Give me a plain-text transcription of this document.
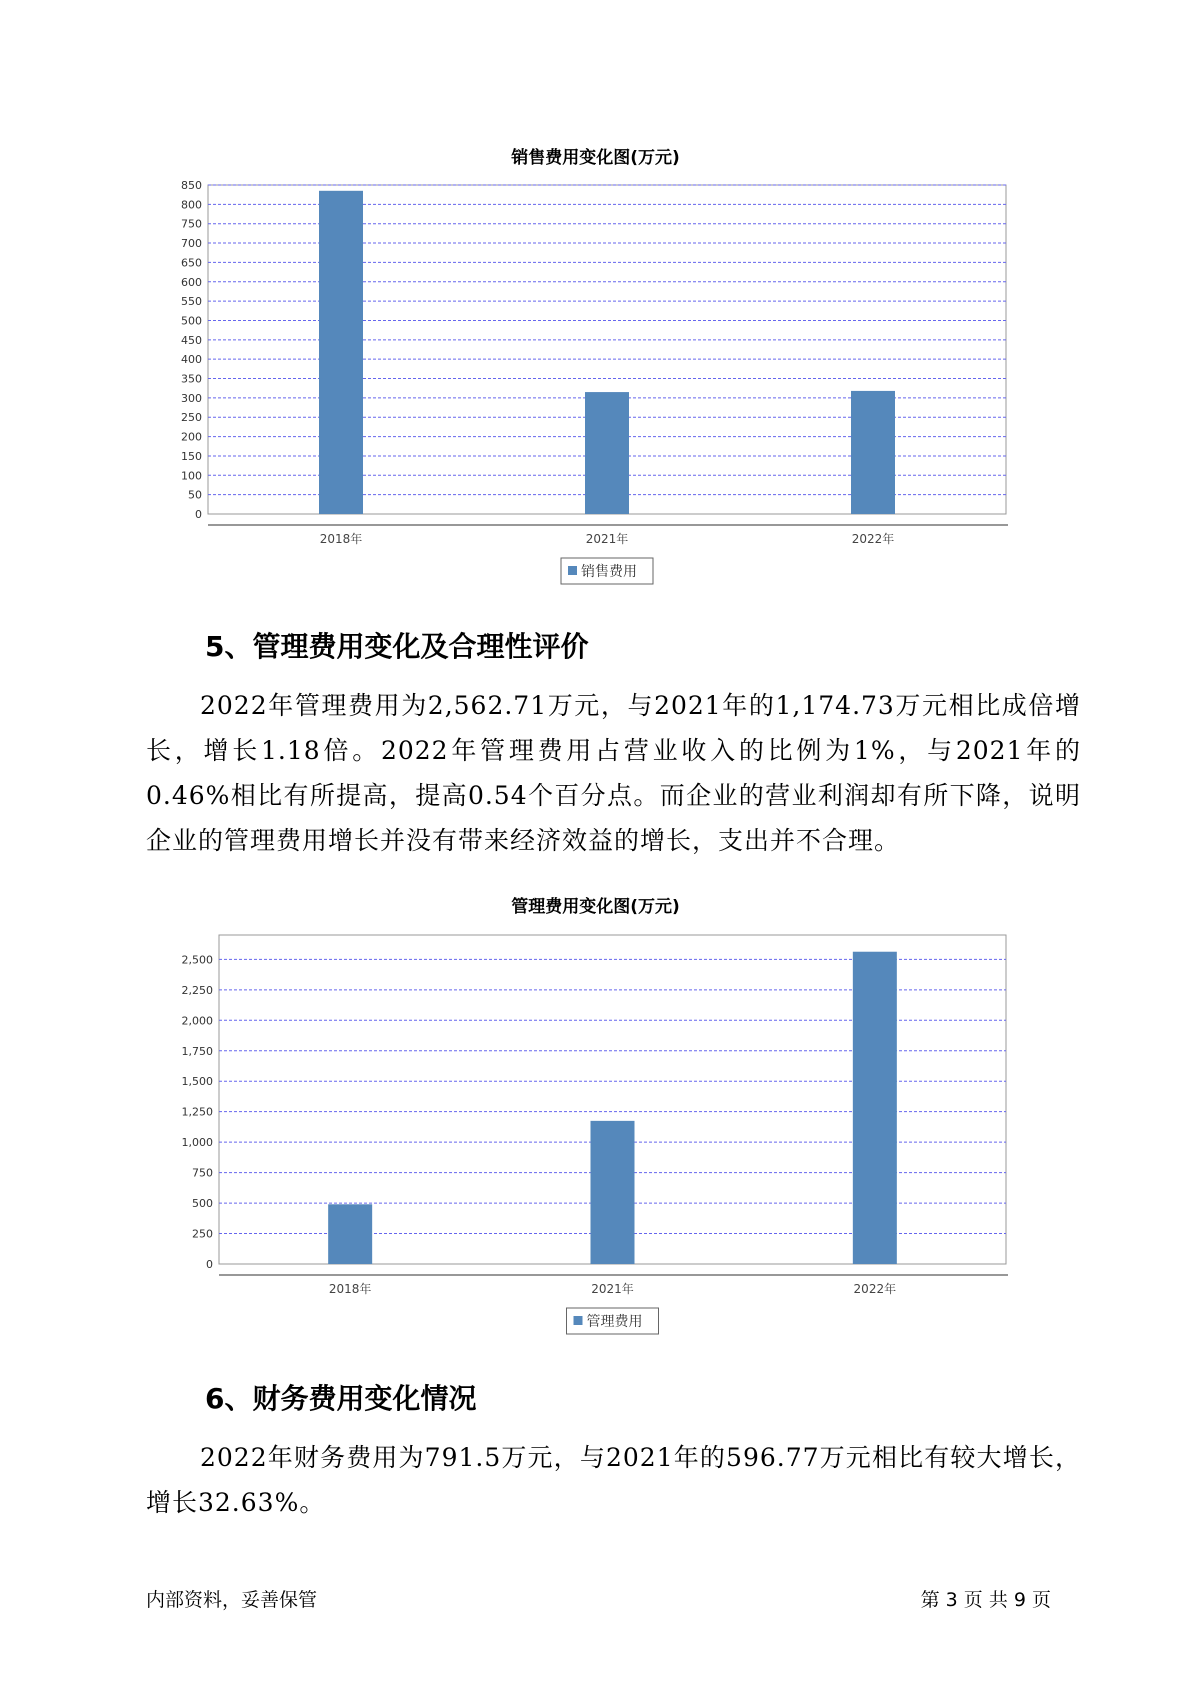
销售费用变化图(万元)
0
50
100
150
200
250
300
350
400
450
500
550
600
650
700
750
800
850
2018年	2021年	2022年
销售费用
5、管理费用变化及合理性评价

2022年管理费用为2,562.71万元，与2021年的1,174.73万元相比成倍增长，增长1.18倍。2022年管理费用占营业收入的比例为1%，与2021年的0.46%相比有所提高，提高0.54个百分点。而企业的营业利润却有所下降，说明企业的管理费用增长并没有带来经济效益的增长，支出并不合理。

管理费用变化图(万元)
0
250
500
750
1,000
1,250
1,500
1,750
2,000
2,250
2,500
2018年	2021年	2022年
管理费用
6、财务费用变化情况

2022年财务费用为791.5万元，与2021年的596.77万元相比有较大增长，增长32.63%。

内部资料，妥善保管	第 3 页 共 9 页
